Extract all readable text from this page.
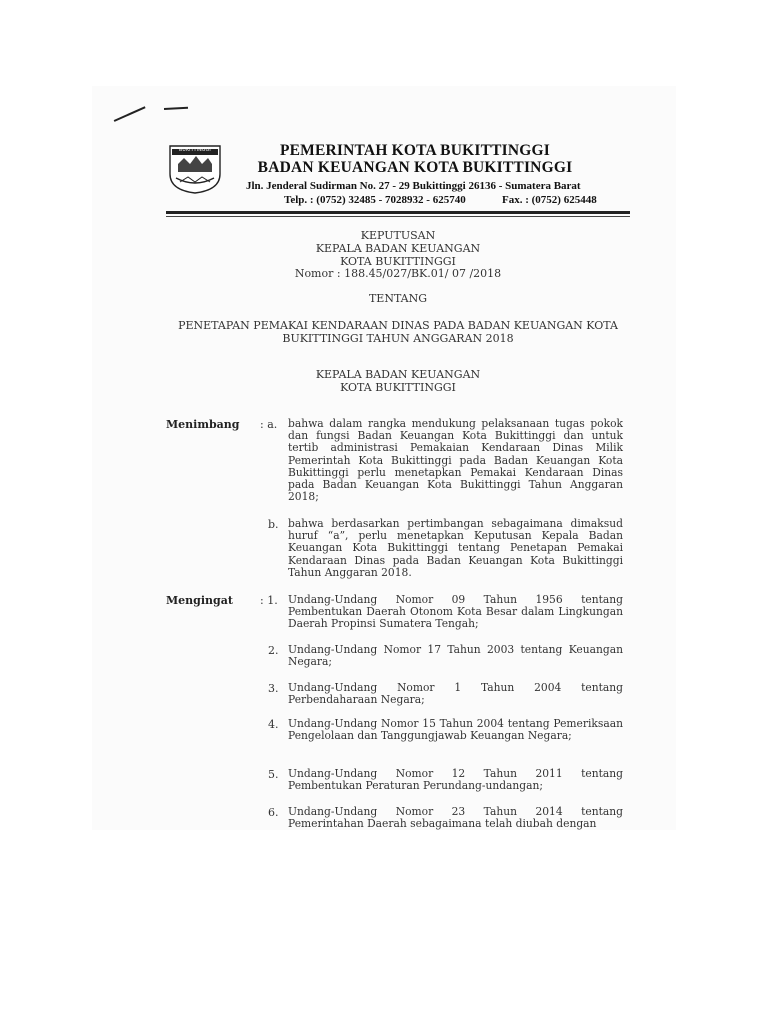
BUKITTINGGI	PEMERINTAH KOTA BUKITTINGGI
BADAN KEUANGAN KOTA BUKITTINGGI
Jln. Jenderal Sudirman No. 27 - 29 Bukittinggi 26136 - Sumatera Barat
Telp. : (0752) 32485 - 7028932 - 625740	Fax. : (0752) 625448
KEPUTUSAN
KEPALA BADAN KEUANGAN
KOTA BUKITTINGGI
Nomor : 188.45/027/BK.01/ 07 /2018
TENTANG
PENETAPAN PEMAKAI KENDARAAN DINAS PADA BADAN KEUANGAN KOTA
BUKITTINGGI TAHUN ANGGARAN 2018
KEPALA BADAN KEUANGAN
KOTA BUKITTINGGI
Menimbang : a. bahwa dalam rangka mendukung pelaksanaan tugas pokok dan fungsi Badan Keuangan Kota Bukittinggi dan untuk tertib administrasi Pemakaian Kendaraan Dinas Milik Pemerintah Kota Bukittinggi pada Badan Keuangan Kota Bukittinggi perlu menetapkan Pemakai Kendaraan Dinas pada Badan Keuangan Kota Bukittinggi Tahun Anggaran 2018;
b. bahwa berdasarkan pertimbangan sebagaimana dimaksud huruf “a”, perlu menetapkan Keputusan Kepala Badan Keuangan Kota Bukittinggi tentang Penetapan Pemakai Kendaraan Dinas pada Badan Keuangan Kota Bukittinggi Tahun Anggaran 2018.
Mengingat : 1. Undang-Undang Nomor 09 Tahun 1956 tentang Pembentukan Daerah Otonom Kota Besar dalam Lingkungan Daerah Propinsi Sumatera Tengah;
2. Undang-Undang Nomor 17 Tahun 2003 tentang Keuangan Negara;
3. Undang-Undang Nomor 1 Tahun 2004 tentang Perbendaharaan Negara;
4. Undang-Undang Nomor 15 Tahun 2004 tentang Pemeriksaan Pengelolaan dan Tanggungjawab Keuangan Negara;
5. Undang-Undang Nomor 12 Tahun 2011 tentang Pembentukan Peraturan Perundang-undangan;
6. Undang-Undang Nomor 23 Tahun 2014 tentang Pemerintahan Daerah sebagaimana telah diubah dengan
